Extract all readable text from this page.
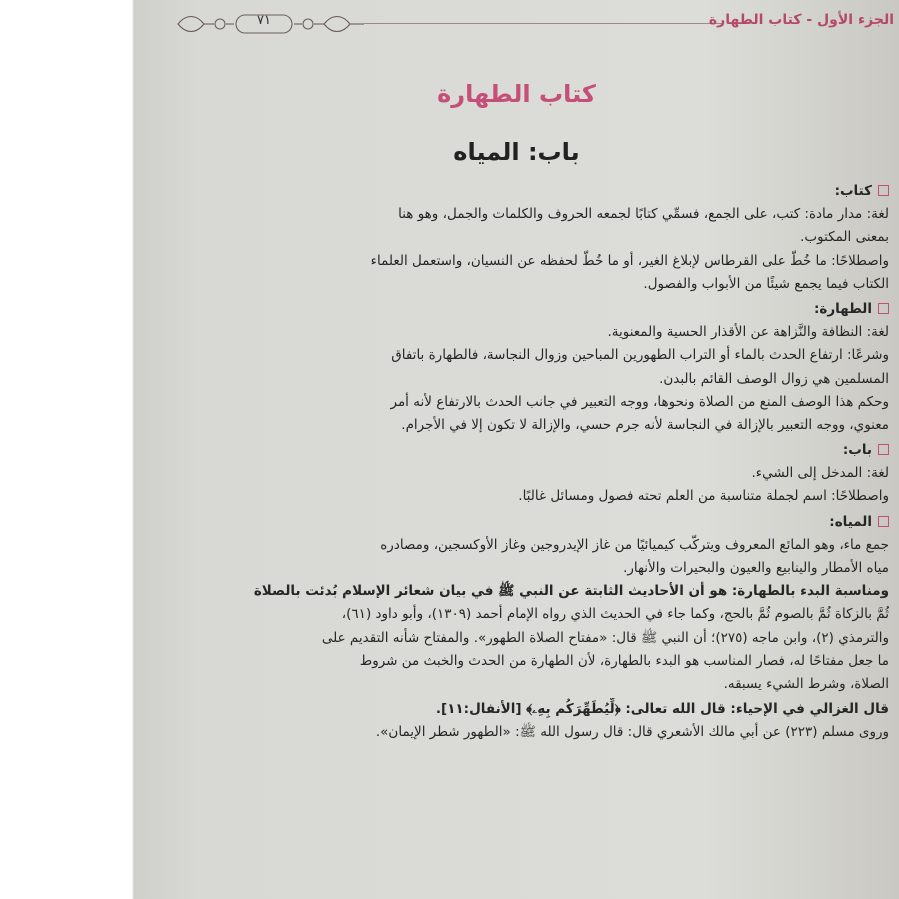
٧١	الجزء الأول - كتاب الطهارة
كتاب الطهارة
باب: المياه
كتاب:
لغة: مدار مادة: كتب، على الجمع، فسمِّي كتابًا لجمعه الحروف والكلمات والجمل، وهو هنا
بمعنى المكتوب.
واصطلاحًا: ما خُطَّ على القرطاس لإبلاغ الغير، أو ما خُطَّ لحفظه عن النسيان، واستعمل العلماء
الكتاب فيما يجمع شيئًا من الأبواب والفصول.
الطهارة:
لغة: النظافة والنَّزاهة عن الأقذار الحسية والمعنوية.
وشرعًا: ارتفاع الحدث بالماء أو التراب الطهورين المباحين وزوال النجاسة، فالطهارة باتفاق
المسلمين هي زوال الوصف القائم بالبدن.
وحكم هذا الوصف المنع من الصلاة ونحوها، ووجه التعبير في جانب الحدث بالارتفاع لأنه أمر
معنوي، ووجه التعبير بالإزالة في النجاسة لأنه جرم حسي، والإزالة لا تكون إلا في الأجرام.
باب:
لغة: المدخل إلى الشيء.
واصطلاحًا: اسم لجملة متناسبة من العلم تحته فصول ومسائل غالبًا.
المياه:
جمع ماء، وهو المائع المعروف ويتركّب كيميائيًا من غاز الإيدروجين وغاز الأوكسجين، ومصادره
مياه الأمطار والينابيع والعيون والبحيرات والأنهار.
ومناسبة البدء بالطهارة: هو أن الأحاديث الثابتة عن النبي ﷺ في بيان شعائر الإسلام بُدئت بالصلاة
ثُمَّ بالزكاة ثُمَّ بالصوم ثُمَّ بالحج، وكما جاء في الحديث الذي رواه الإمام أحمد (١٣٠٩)، وأبو داود (٦١)،
والترمذي (٢)، وابن ماجه (٢٧٥)؛ أن النبي ﷺ قال: «مفتاح الصلاة الطهور». والمفتاح شأنه التقديم على
ما جعل مفتاحًا له، فصار المناسب هو البدء بالطهارة، لأن الطهارة من الحدث والخبث من شروط
الصلاة، وشرط الشيء يسبقه.
قال الغزالي في الإحياء: قال الله تعالى: ﴿لِّيُطَهِّرَكُم بِهِۦ﴾ [الأنفال:١١].
وروى مسلم (٢٢٣) عن أبي مالك الأشعري قال: قال رسول الله ﷺ: «الطهور شطر الإيمان».
